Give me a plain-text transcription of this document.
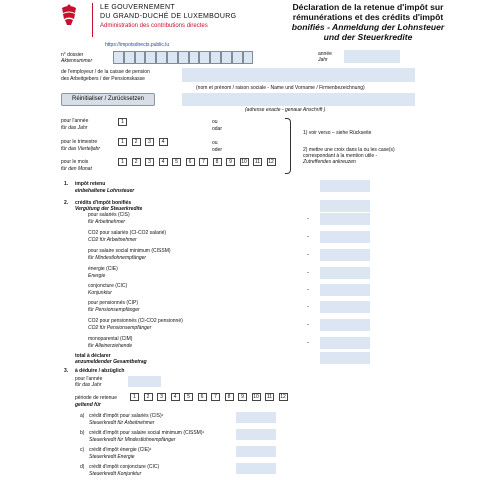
LE GOUVERNEMENT
DU GRAND-DUCHÉ DE LUXEMBOURG
Administration des contributions directes
https://impotsdirects.public.lu
Déclaration de la retenue d'impôt sur
rémunérations et des crédits d'impôt
bonifiés - Anmeldung der Lohnsteuer
und der Steuerkredite
n° dossier
Aktennummer
année
Jahr
de l'employeur / de la caisse de pension
des Arbeitgebers / der Pensionskasse
(nom et prénom / raison sociale - Name und Vorname / Firmenbezeichnung)
Réinitialiser / Zurücksetzen
(adresse exacte - genaue Anschrift )
pour l'année
für das Jahr
1	ou
odar
pour le trimestre
für das Vierteljahr
1	2	3	4	ou
oder
pour le mois
für den Monat
1	2	3	4	5	6	7	8	9	10	11	12
1) voir verso – siehe Rückseite
2) mettre une croix dans la ou les case(s)
correspondant à la mention utile -
Zutreffendes ankreuzen
1. impôt retenu
einbehaltene Lohnsteuer
2. crédits d'impôt bonifiés
Vergütung der Steuerkredite
pour salariés (CIS)
für Arbeitnehmer	-
CO2 pour salariés (CI-CO2 salarié)
CO2 für Arbeitnehmer	-
pour salaire social minimum (CISSM)
für Mindestlohnempfänger	-
énergie (CIE)
Energie	-
conjoncture (CIC)
Konjunktur	-
pour pensionnés (CIP)
für Pensionsempfänger	-
CO2 pour pensionnés (CI-CO2 pensionné)
CO2 für Pensionsempfänger	-
monoparental (CIM)
für Alleinerziehende	-
total à déclarer
anzumeldender Gesamtbetrag
3. à déduire / abzüglich
pour l'année
für das Jahr
période de retenue
geltend für
1	2	3	4	5	6	7	8	9	10	11	12
a) crédit d'impôt pour salariés (CIS)¹
Steuerkredit für Arbeitnehmer
b) crédit d'impôt pour salaire social minimum (CISSM)¹
Steuerkredit für Mindestlohnempfänger
c) crédit d'impôt énergie (CIE)¹
Steuerkredit Energie
d) crédit d'impôt conjoncture (CIC)
Steuerkredit Konjunktur
